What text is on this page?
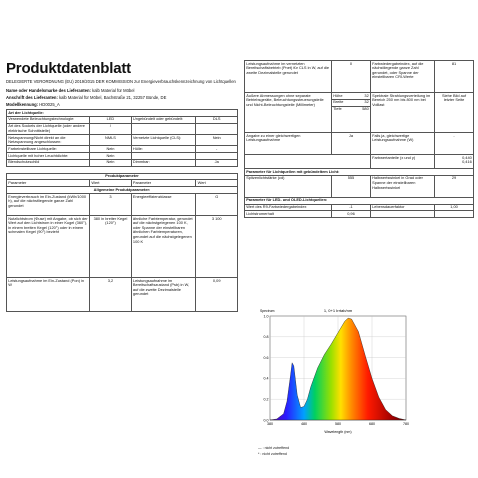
Produktdatenblatt
DELEGIERTE VERORDNUNG (EU) 2019/2015 DER KOMMISSION zur Energieverbrauchskennzeichnung von Lichtquellen
Name oder Handelsmarke des Lieferanten: kalb Material für Möbel
Anschrift des Lieferanten: kalb Material für Möbel, Bachstraße 21, 32257 Bünde, DE
Modellkennung: HD0025_A
Art der Lichtquelle:			
Verwendete Beleuchtungstechnologie:	LED	Ungebündelt oder gebündelt:	DLS
Art des Sockels der Lichtquelle (oder andere elektrische Schnittstelle)	/		
Netzspannung/Nicht direkt an die Netzspannung angeschlossen:	NMLS	Vernetzte Lichtquelle (CLS):	Nein
Farbeinstellbare Lichtquelle:	Nein	Hülle:	-
Lichtquelle mit hoher Leuchtdichte:	Nein		
Blendschutzschild	Nein	Dimmbar:	Ja
Produktparameter			
Parameter	Wert	Parameter	Wert
Allgemeine Produktparameter:			
Energieverbrauch im Ein-Zustand (kWh/1000 h), auf die nächstliegende ganze Zahl gerundet	3	Energieeffizienzklasse	G
Nutzlichtstrom (Φuse) mit Angabe, ob sich der Wert auf den Lichtstrom in einer Kugel (360°), in einem breiten Kegel (120°) oder in einem schmalen Kegel (90°) bezieht	380 in breiter Kegel (120°)	ähnliche Farbtemperatur, gerundet auf die nächstgelegenen 100 K, oder Spanne der einstellbaren ähnlichen Farbtemperaturen, gerundet auf die nächstgelegenen 100 K	3 100
Leistungsaufnahme im Ein-Zustand (Pon) in W	3,2	Leistungsaufnahme im Bereitschaftszustand (Psb) in W, auf die zweite Dezimalstelle gerundet	0,09
Leistungsaufnahme im vernetzten Bereitschaftsbetrieb (Pnet) für CLS in W, auf die zweite Dezimalstelle gerundet	0	Farbwiedergabeindex, auf die nächstliegende ganze Zahl gerundet, oder Spanne der einstellbaren CRI-Werte	81
Äußere Abmessungen ohne separate Betriebsgeräte, Beleuchtungssteuerungsteile und Nicht-Beleuchtungsteile (Millimeter)	
Höhe	32
Breite	32
Tiefe	580
	Spektrale Strahlungsverteilung im Bereich 250 nm bis 800 nm bei Volllast	Siehe Bild auf letzter Seite
Angabe zu einer gleichwertigen Leistungsaufnahme	Ja	Falls ja, gleichwertige Leistungsaufnahme (W)	-
		Farbwertanteile (x und y)	0,440
0,416
Parameter für Lichtquellen mit gebündeltem Licht:
Spitzenlichtstärke (cd)	555	Halbwertswinkel in Grad oder Spanne der einstellbaren Halbwertswinkel	29
Parameter für LED- und OLED-Lichtquellen:
Wert des R9-Farbwiedergabeindex	-1	Lebensdauerfaktor	1,00
Lichtstromerhalt	0,96		
0.0
0.2
0.4
0.6
0.8
1.0
380	480	580	680	780
1, 0+1 Irrtab/nm
Wavelength (nm)
Spectrum
— : nicht zutreffend
* : nicht zutreffend
